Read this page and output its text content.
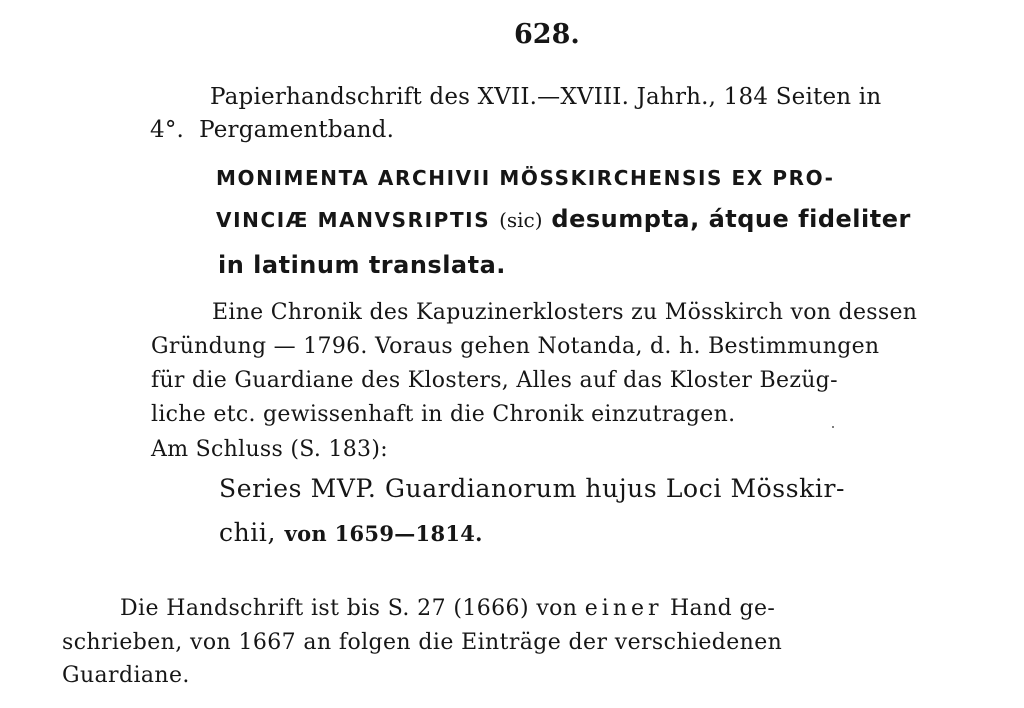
628.

Papierhandschrift des XVII.—XVIII. Jahrh., 184 Seiten in

4°. Pergamentband.

MONIMENTA ARCHIVII MÖSSKIRCHENSIS EX PRO-

VINCIÆ MANVSRIPTIS (sic) desumpta, átque fideliter

in latinum translata.

Eine Chronik des Kapuzinerklosters zu Mösskirch von dessen

Gründung — 1796. Voraus gehen Notanda, d. h. Bestimmungen

für die Guardiane des Klosters, Alles auf das Kloster Bezüg-

liche etc. gewissenhaft in die Chronik einzutragen.

Am Schluss (S. 183):

Series MVP. Guardianorum hujus Loci Mösskir-

chii, von 1659—1814.

Die Handschrift ist bis S. 27 (1666) von einer Hand ge-

schrieben, von 1667 an folgen die Einträge der verschiedenen

Guardiane.
